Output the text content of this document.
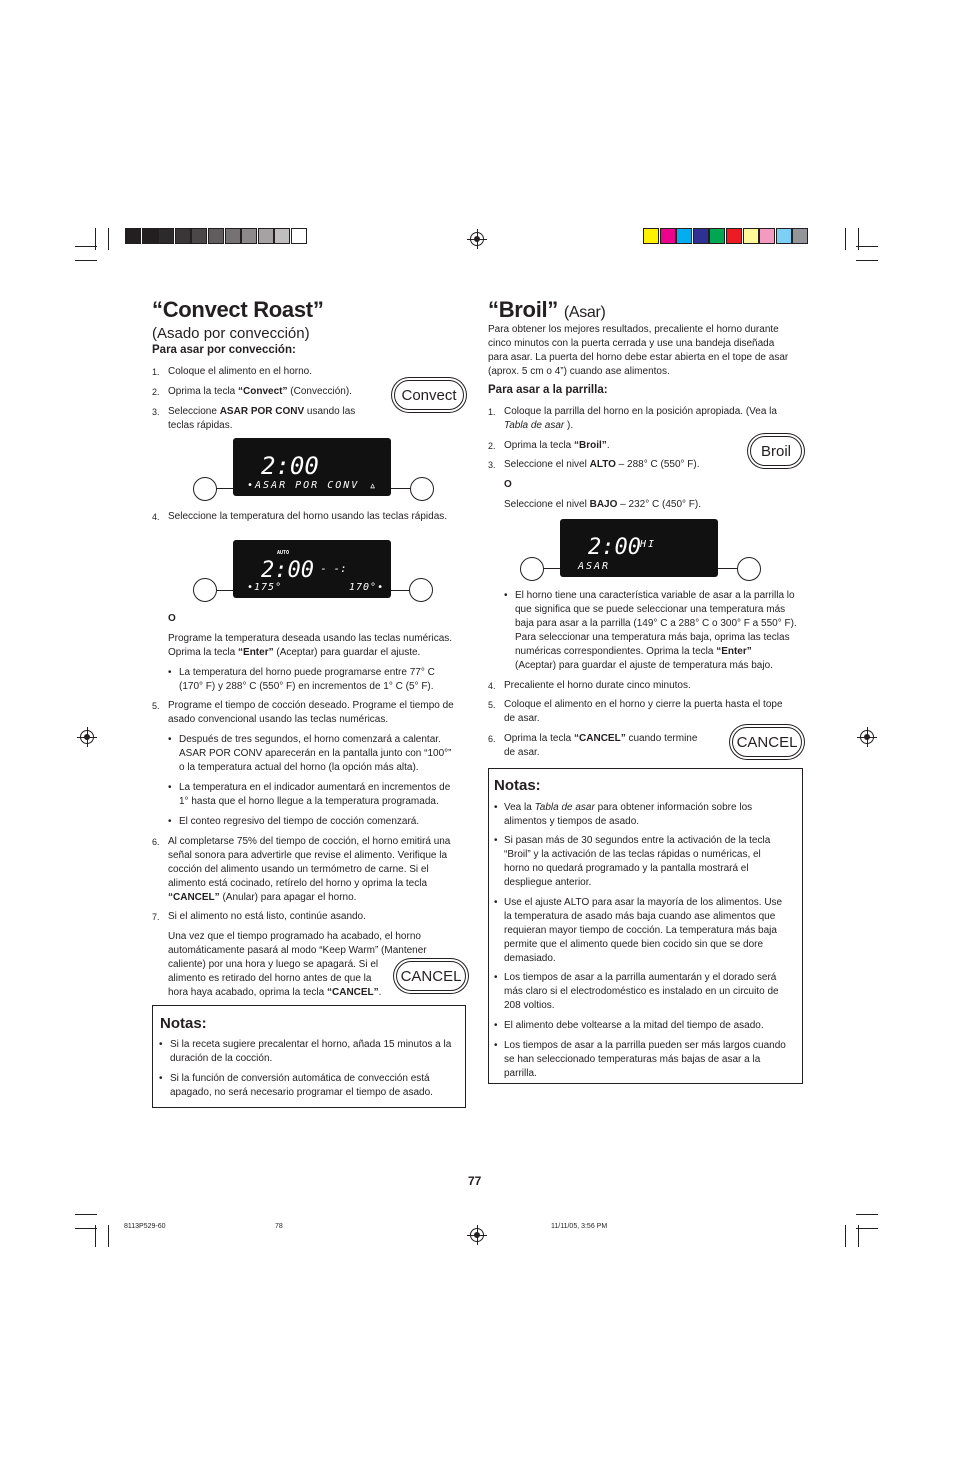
“Convect Roast”
(Asado por convección)
Para asar por convección:
1. Coloque el alimento en el horno.
2. Oprima la tecla “Convect” (Convección).
3. Seleccione ASAR POR CONV usando las
teclas rápidas.
Convect
2:00
•ASAR POR CONV ▵
4. Seleccione la temperatura del horno usando las teclas rápidas.
AUTO
2:00
- - -:
•175°	170°•
O
Programe la temperatura deseada usando las teclas numéricas.
Oprima la tecla “Enter” (Aceptar) para guardar el ajuste.
• La temperatura del horno puede programarse entre 77° C
(170° F) y 288° C (550° F) en incrementos de 1° C (5° F).
5. Programe el tiempo de cocción deseado. Programe el tiempo de
asado convencional usando las teclas numéricas.
• Después de tres segundos, el horno comenzará a calentar.
ASAR POR CONV aparecerán en la pantalla junto con “100°”
o la temperatura actual del horno (la opción más alta).
• La temperatura en el indicador aumentará en incrementos de
1° hasta que el horno llegue a la temperatura programada.
• El conteo regresivo del tiempo de cocción comenzará.
6. Al completarse 75% del tiempo de cocción, el horno emitirá una
señal sonora para advertirle que revise el alimento. Verifique la
cocción del alimento usando un termómetro de carne. Si el
alimento está cocinado, retírelo del horno y oprima la tecla
“CANCEL” (Anular) para apagar el horno.
7. Si el alimento no está listo, continúe asando.
Una vez que el tiempo programado ha acabado, el horno
automáticamente pasará al modo “Keep Warm” (Mantener
caliente) por una hora y luego se apagará. Si el
alimento es retirado del horno antes de que la
hora haya acabado, oprima la tecla “CANCEL”.
CANCEL
Notas:
• Si la receta sugiere precalentar el horno, añada 15 minutos a la
duración de la cocción.
• Si la función de conversión automática de convección está
apagado, no será necesario programar el tiempo de asado.
“Broil” (Asar)
Para obtener los mejores resultados, precaliente el horno durante
cinco minutos con la puerta cerrada y use una bandeja diseñada
para asar. La puerta del horno debe estar abierta en el tope de asar
(aprox. 5 cm o 4”) cuando ase alimentos.
Para asar a la parrilla:
1. Coloque la parrilla del horno en la posición apropiada. (Vea la
Tabla de asar ).
2. Oprima la tecla “Broil”.	Broil
3. Seleccione el nivel ALTO – 288° C (550° F).
O
Seleccione el nivel BAJO – 232° C (450° F).
2:00 HI
ASAR
• El horno tiene una característica variable de asar a la parrilla lo
que significa que se puede seleccionar una temperatura más
baja para asar a la parrilla (149° C a 288° C o 300° F a 550° F).
Para seleccionar una temperatura más baja, oprima las teclas
numéricas correspondientes. Oprima la tecla “Enter”
(Aceptar) para guardar el ajuste de temperatura más bajo.
4. Precaliente el horno durate cinco minutos.
5. Coloque el alimento en el horno y cierre la puerta hasta el tope
de asar.
6. Oprima la tecla “CANCEL” cuando termine
de asar.
CANCEL
Notas:
• Vea la Tabla de asar para obtener información sobre los
alimentos y tiempos de asado.
• Si pasan más de 30 segundos entre la activación de la tecla
“Broil” y la activación de las teclas rápidas o numéricas, el
horno no quedará programado y la pantalla mostrará el
despliegue anterior.
• Use el ajuste ALTO para asar la mayoría de los alimentos. Use
la temperatura de asado más baja cuando ase alimentos que
requieran mayor tiempo de cocción. La temperatura más baja
permite que el alimento quede bien cocido sin que se dore
demasiado.
• Los tiempos de asar a la parrilla aumentarán y el dorado será
más claro si el electrodoméstico es instalado en un circuito de
208 voltios.
• El alimento debe voltearse a la mitad del tiempo de asado.
• Los tiempos de asar a la parrilla pueden ser más largos cuando
se han seleccionado temperaturas más bajas de asar a la
parrilla.
77
8113P529-60	78	11/11/05, 3:56 PM
